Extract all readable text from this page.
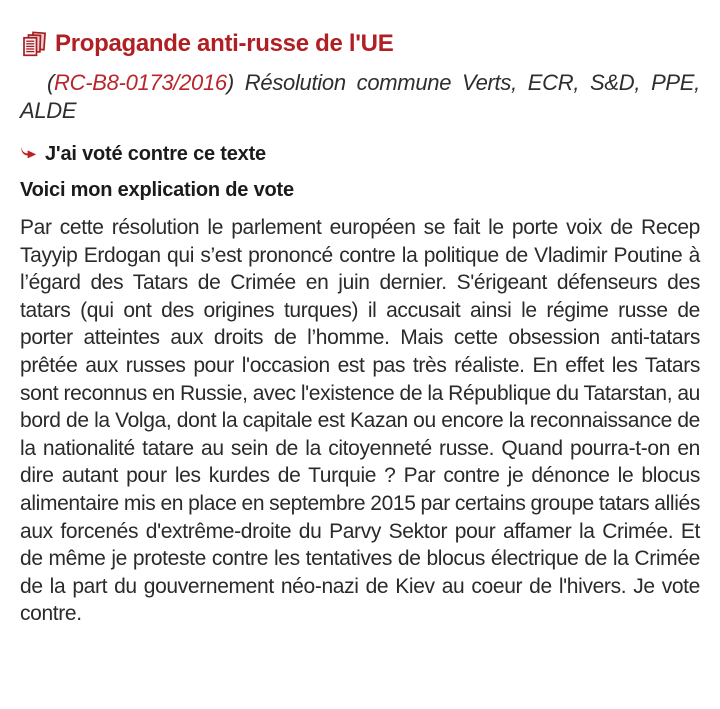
Propagande anti-russe de l'UE

(RC-B8-0173/2016) Résolution commune Verts, ECR, S&D, PPE, ALDE

J'ai voté contre ce texte
Voici mon explication de vote

Par cette résolution le parlement européen se fait le porte voix de Recep Tayyip Erdogan qui s’est prononcé contre la politique de Vladimir Poutine à l’égard des Tatars de Crimée en juin dernier. S'érigeant défenseurs des tatars (qui ont des origines turques) il accusait ainsi le régime russe de porter atteintes aux droits de l’homme. Mais cette obsession anti-tatars prêtée aux russes pour l'occasion est pas très réaliste. En effet les Tatars sont reconnus en Russie, avec l'existence de la République du Tatarstan, au bord de la Volga, dont la capitale est Kazan ou encore la reconnaissance de la nationalité tatare au sein de la citoyenneté russe. Quand pourra-t-on en dire autant pour les kurdes de Turquie ? Par contre je dénonce le blocus alimentaire mis en place en septembre 2015 par certains groupe tatars alliés aux forcenés d'extrême-droite du Parvy Sektor pour affamer la Crimée. Et de même je proteste contre les tentatives de blocus électrique de la Crimée de la part du gouvernement néo-nazi de Kiev au coeur de l'hivers. Je vote contre.
